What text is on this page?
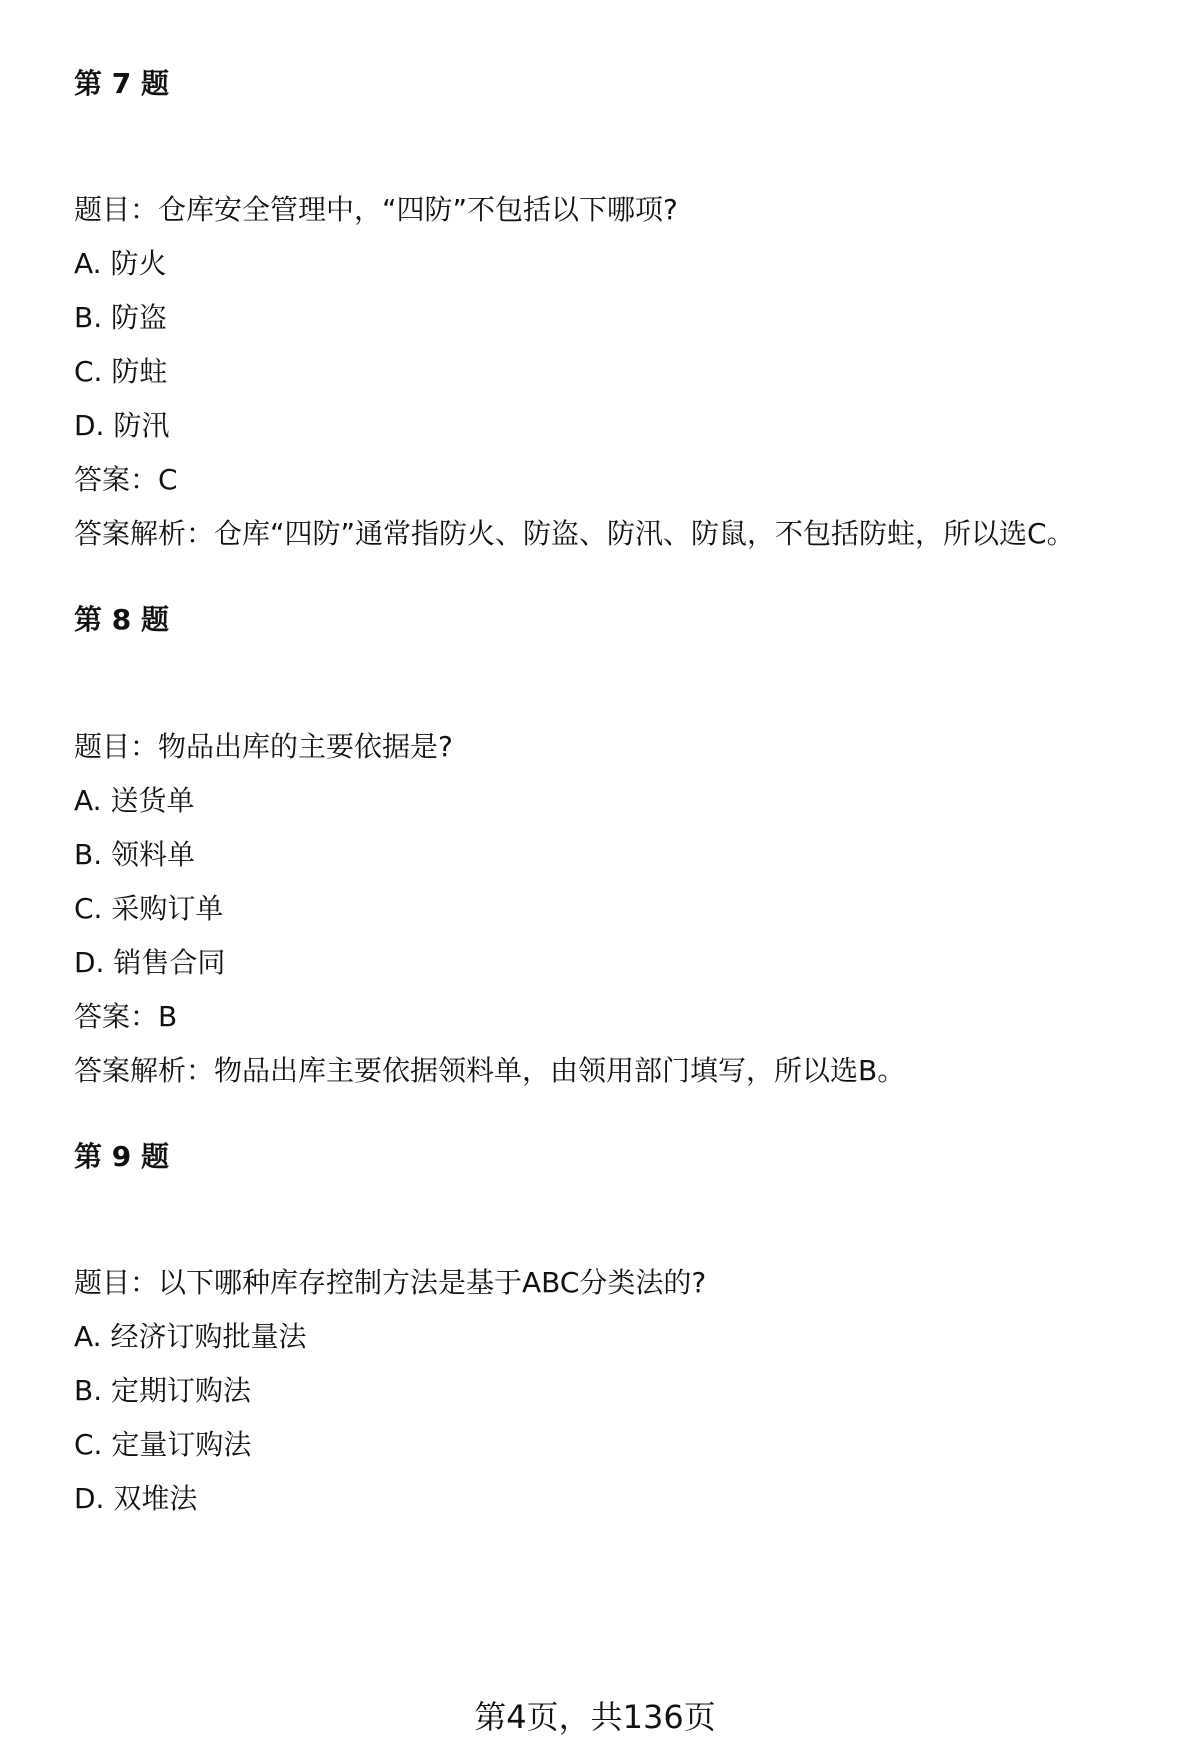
第 7 题
题目：仓库安全管理中，“四防”不包括以下哪项?
A. 防火
B. 防盗
C. 防蛀
D. 防汛
答案：C
答案解析：仓库“四防”通常指防火、防盗、防汛、防鼠，不包括防蛀，所以选C。
第 8 题
题目：物品出库的主要依据是?
A. 送货单
B. 领料单
C. 采购订单
D. 销售合同
答案：B
答案解析：物品出库主要依据领料单，由领用部门填写，所以选B。
第 9 题
题目：以下哪种库存控制方法是基于ABC分类法的?
A. 经济订购批量法
B. 定期订购法
C. 定量订购法
D. 双堆法
第4页，共136页
